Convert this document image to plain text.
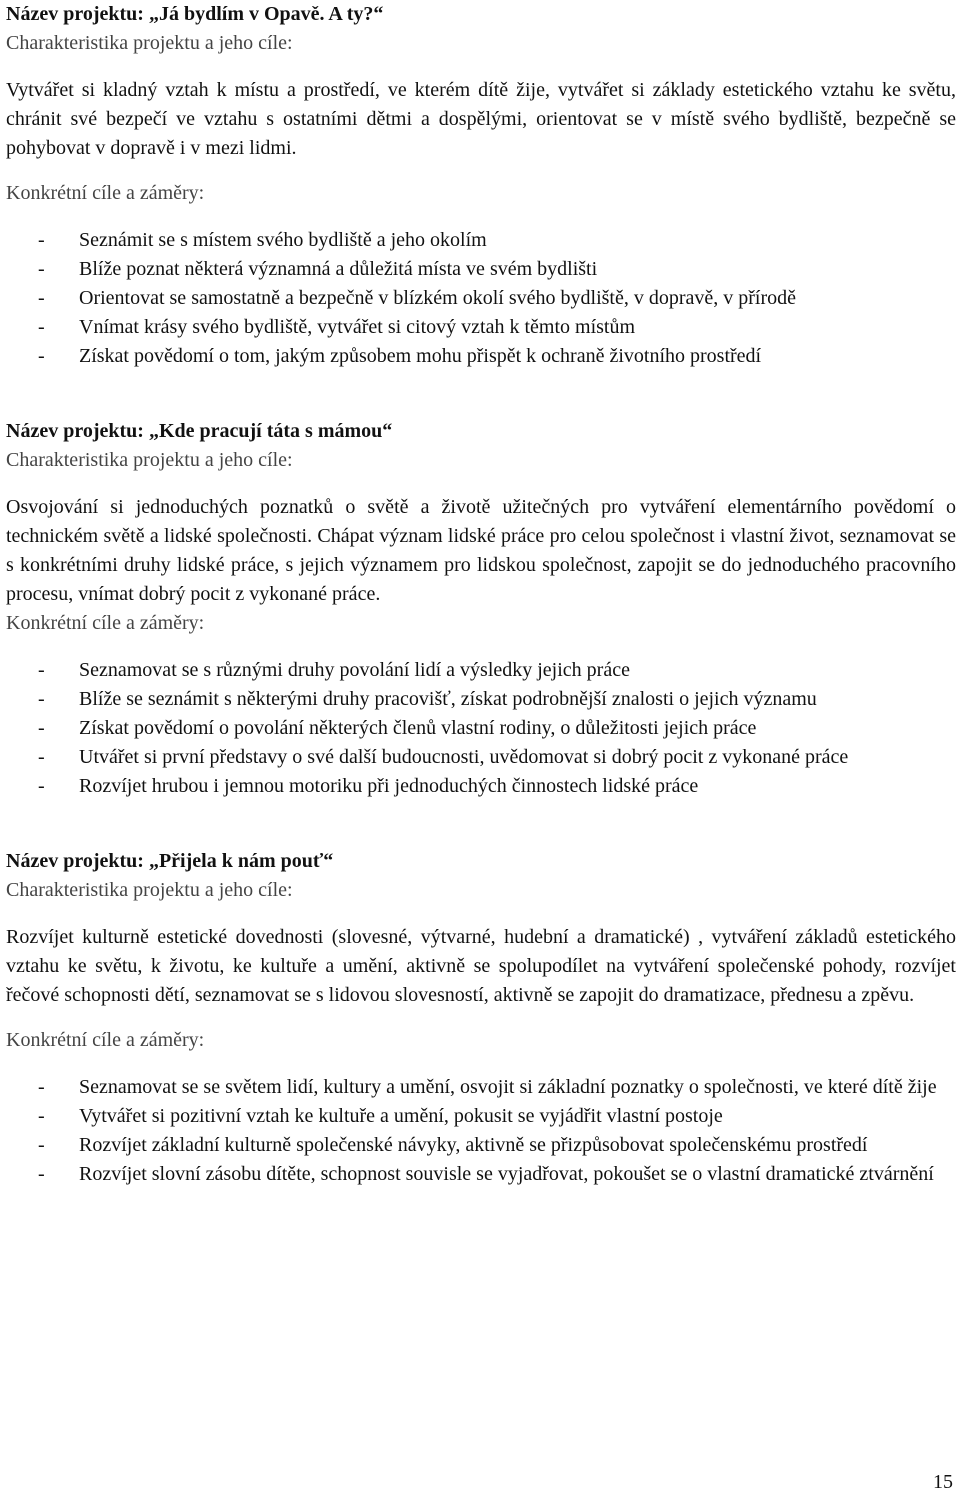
Název projektu: „Já bydlím v Opavě. A ty?“

Charakteristika projektu a jeho cíle:

Vytvářet si kladný vztah k místu a prostředí, ve kterém dítě žije, vytvářet si základy estetického vztahu ke světu, chránit své bezpečí ve vztahu s ostatními dětmi a dospělými, orientovat se v místě svého bydliště, bezpečně se pohybovat v dopravě i v mezi lidmi.

Konkrétní cíle a záměry:

- Seznámit se s místem svého bydliště a jeho okolím
- Blíže poznat některá významná a důležitá místa ve svém bydlišti
- Orientovat se samostatně a bezpečně v blízkém okolí svého bydliště, v dopravě, v přírodě
- Vnímat krásy svého bydliště, vytvářet si citový vztah k těmto místům
- Získat povědomí o tom, jakým způsobem mohu přispět k ochraně životního prostředí

Název projektu: „Kde pracují táta s mámou“

Charakteristika projektu a jeho cíle:

Osvojování si jednoduchých poznatků o světě a životě užitečných pro vytváření elementárního povědomí o technickém světě a lidské společnosti. Chápat význam lidské práce pro celou společnost i vlastní život, seznamovat se s konkrétními druhy lidské práce, s jejich významem pro lidskou společnost, zapojit se do jednoduchého pracovního procesu, vnímat dobrý pocit z vykonané práce.

Konkrétní cíle a záměry:

- Seznamovat se s různými druhy povolání lidí a výsledky jejich práce
- Blíže se seznámit s některými druhy pracovišť, získat podrobnější znalosti o jejich významu
- Získat povědomí o povolání některých členů vlastní rodiny, o důležitosti jejich práce
- Utvářet si první představy o své další budoucnosti, uvědomovat si dobrý pocit z vykonané práce
- Rozvíjet hrubou i jemnou motoriku při jednoduchých činnostech lidské práce

Název projektu: „Přijela k nám pouť“

Charakteristika projektu a jeho cíle:

Rozvíjet kulturně estetické dovednosti (slovesné, výtvarné, hudební a dramatické) , vytváření základů estetického vztahu ke světu, k životu, ke kultuře a umění, aktivně se spolupodílet na vytváření společenské pohody, rozvíjet řečové schopnosti dětí, seznamovat se s lidovou slovesností, aktivně se zapojit do dramatizace, přednesu a zpěvu.

Konkrétní cíle a záměry:

- Seznamovat se se světem lidí, kultury a umění, osvojit si základní poznatky o společnosti, ve které dítě žije
- Vytvářet si pozitivní vztah ke kultuře a umění, pokusit se vyjádřit vlastní postoje
- Rozvíjet základní kulturně společenské návyky, aktivně se přizpůsobovat společenskému prostředí
- Rozvíjet slovní zásobu dítěte, schopnost souvisle se vyjadřovat, pokoušet se o vlastní dramatické ztvárnění
15
